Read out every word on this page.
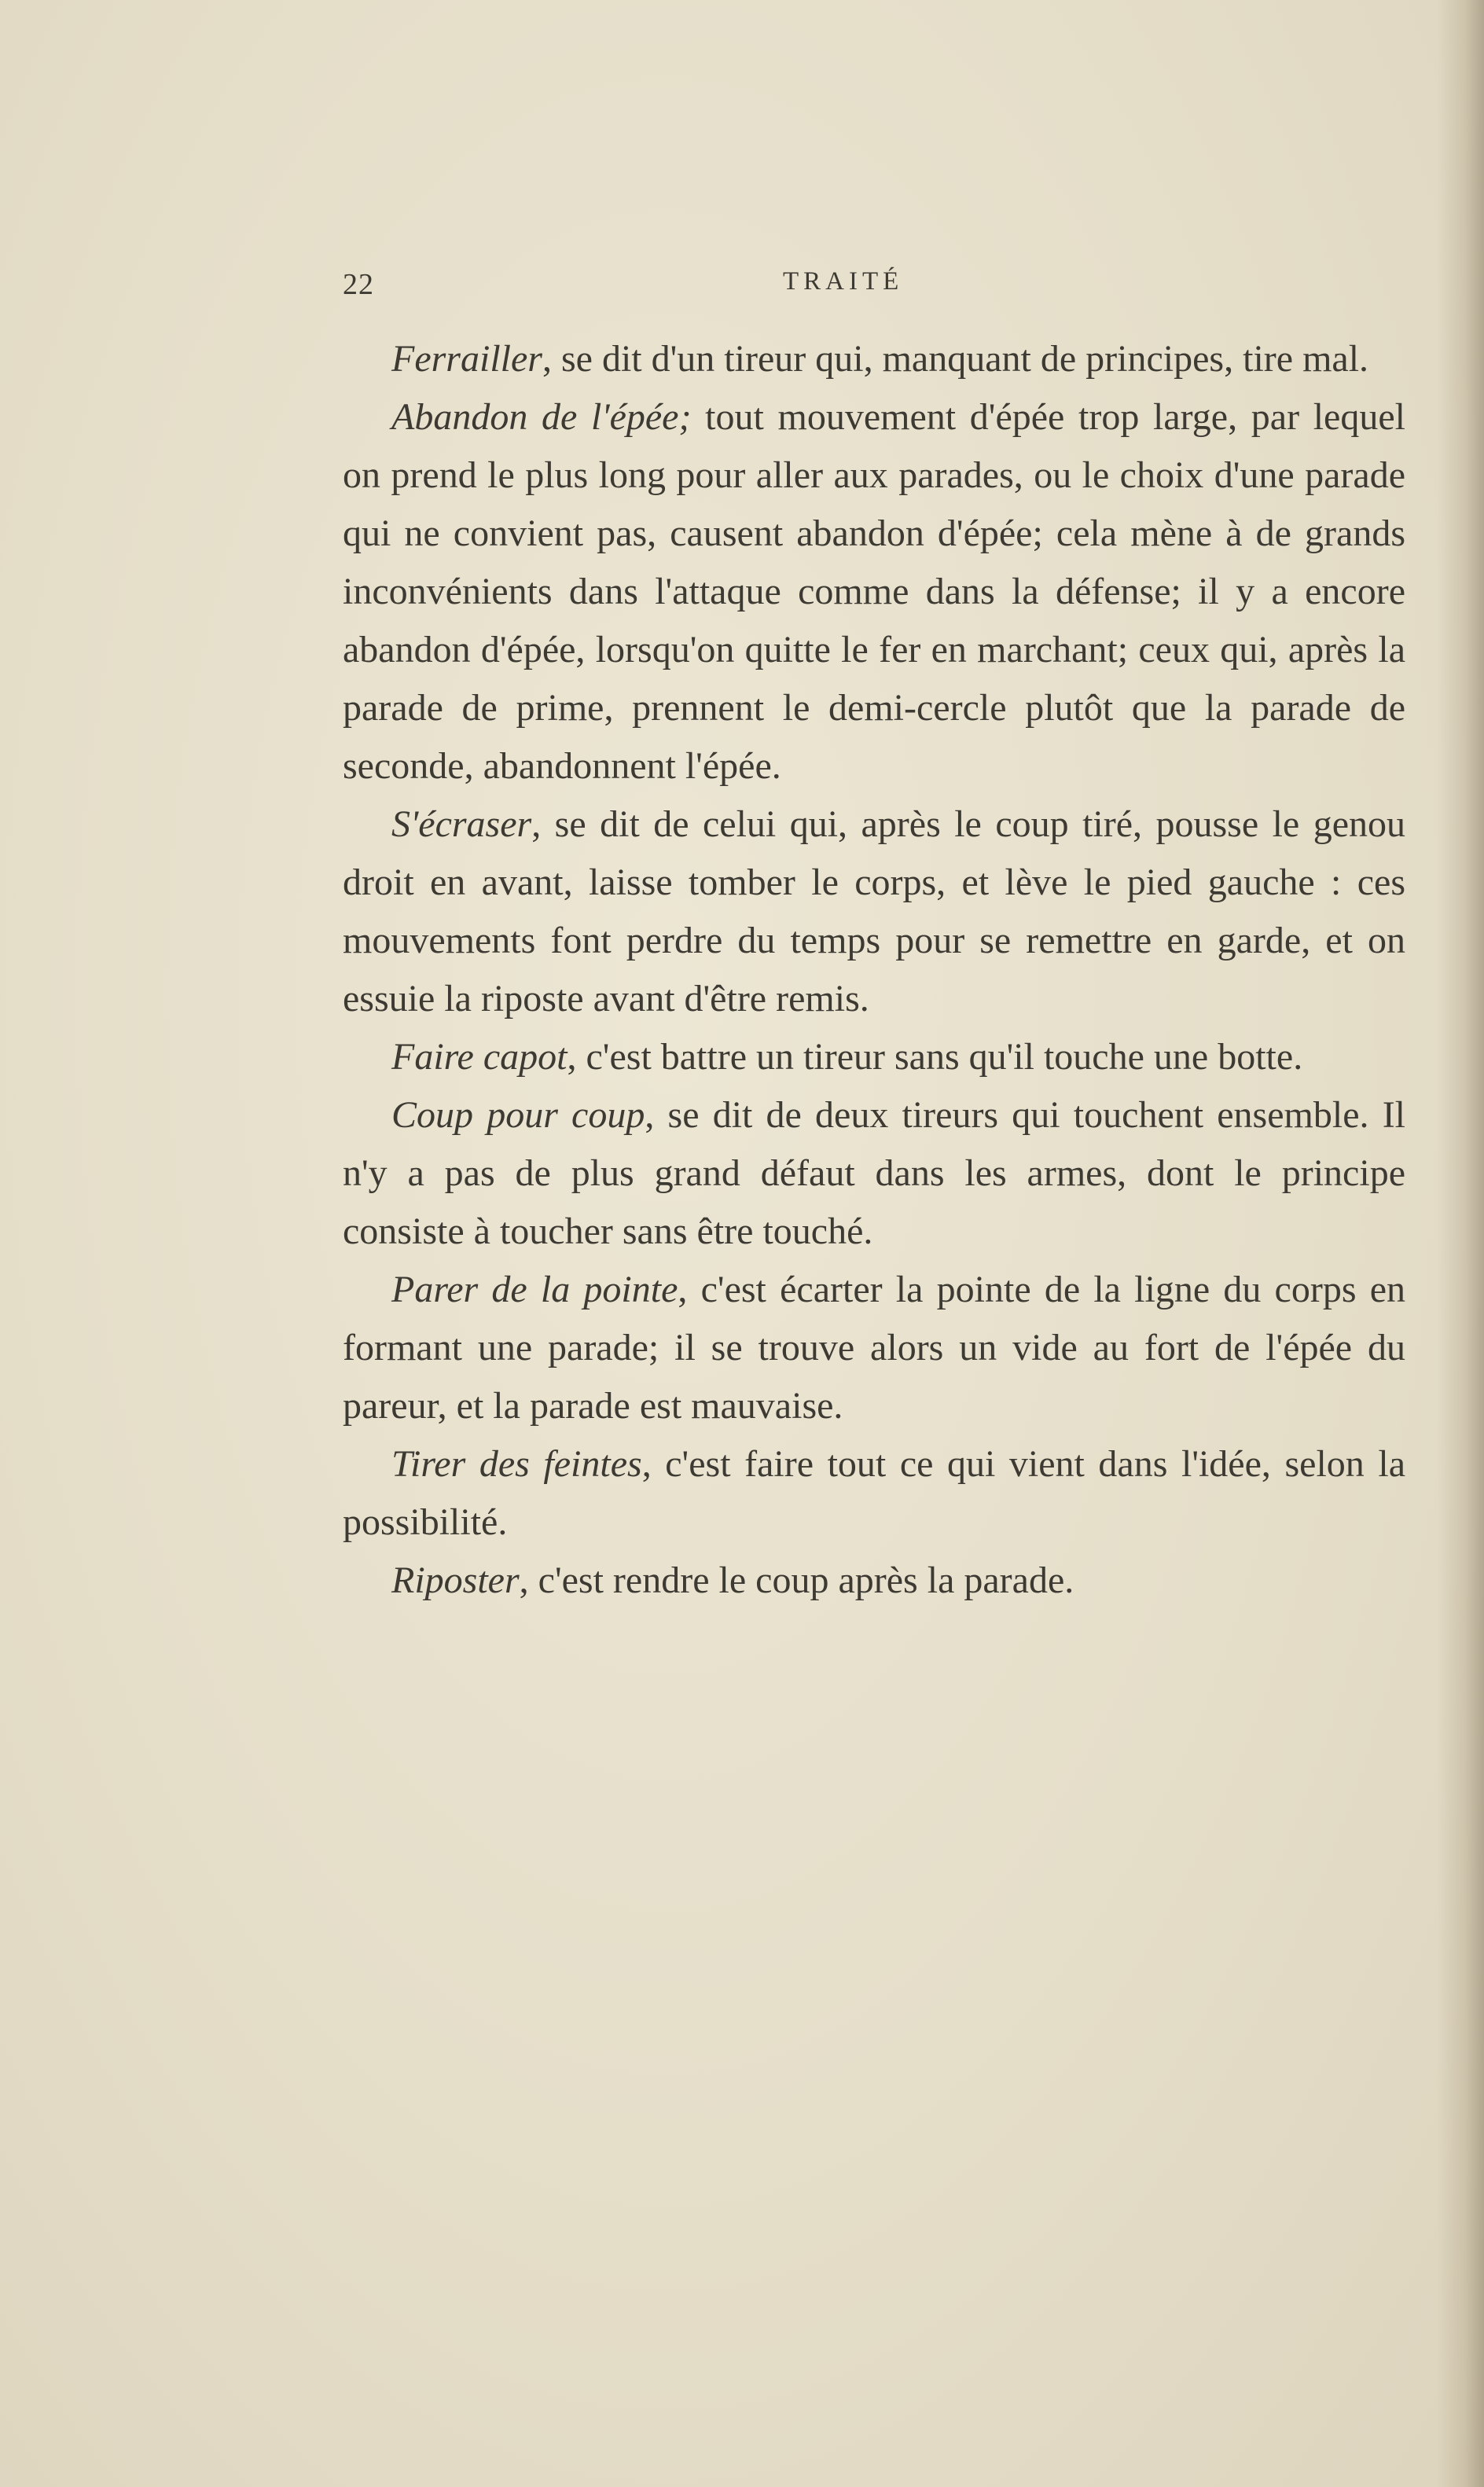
22	TRAITÉ

Ferrailler, se dit d'un tireur qui, manquant de principes, tire mal.

Abandon de l'épée; tout mouvement d'épée trop large, par lequel on prend le plus long pour aller aux parades, ou le choix d'une parade qui ne convient pas, causent abandon d'épée; cela mène à de grands inconvénients dans l'attaque comme dans la défense; il y a encore abandon d'épée, lorsqu'on quitte le fer en marchant; ceux qui, après la parade de prime, prennent le demi-cercle plutôt que la parade de seconde, abandonnent l'épée.

S'écraser, se dit de celui qui, après le coup tiré, pousse le genou droit en avant, laisse tomber le corps, et lève le pied gauche : ces mouvements font perdre du temps pour se remettre en garde, et on essuie la riposte avant d'être remis.

Faire capot, c'est battre un tireur sans qu'il touche une botte.

Coup pour coup, se dit de deux tireurs qui touchent ensemble. Il n'y a pas de plus grand défaut dans les armes, dont le principe consiste à toucher sans être touché.

Parer de la pointe, c'est écarter la pointe de la ligne du corps en formant une parade; il se trouve alors un vide au fort de l'épée du pareur, et la parade est mauvaise.

Tirer des feintes, c'est faire tout ce qui vient dans l'idée, selon la possibilité.

Riposter, c'est rendre le coup après la parade.
